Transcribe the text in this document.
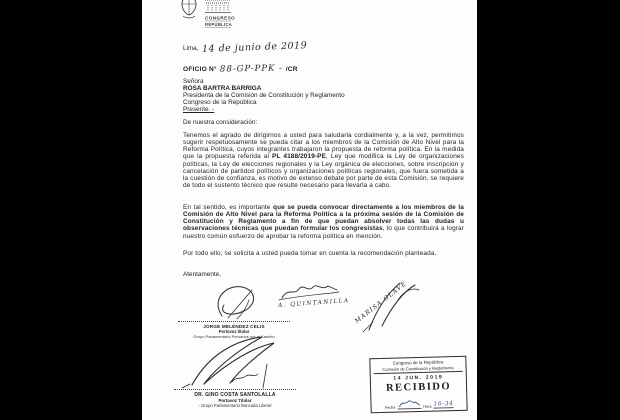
CONGRESO
REPÚBLICA
Lima, 14 de junio de 2019
OFICIO N° 88-GP-PPK - /CR
Señora
ROSA BARTRA BARRIGA
Presidenta de la Comisión de Constitución y Reglamento
Congreso de la República
Presente. -
De nuestra consideración:

Tenemos el agrado de dirigirnos a usted para saludarla cordialmente y, a la vez, permitimos sugerir respetuosamente se pueda citar a los miembros de la Comisión de Alto Nivel para la Reforma Política, cuyos integrantes trabajaron la propuesta de reforma política. En la medida que la propuesta referida al PL 4188/2019-PE, Ley que modifica la Ley de organizaciones políticas, la Ley de elecciones regionales y la Ley orgánica de elecciones, sobre inscripción y cancelación de partidos políticos y organizaciones políticas regionales, que fuera sometida a la cuestión de confianza, es motivo de extenso debate por parte de esta Comisión, se requiere de todo el sustento técnico que resulte necesario para llevarla a cabo.

En tal sentido, es importante que se pueda convocar directamente a los miembros de la Comisión de Alto Nivel para la Reforma Política a la próxima sesión de la Comisión de Constitución y Reglamento a fin de que puedan absolver todas las dudas u observaciones técnicas que puedan formular los congresistas, lo que contribuirá a lograr nuestro común esfuerzo de aprobar la reforma política en mención.

Por todo ello, se solicita a usted pueda tomar en cuenta la recomendación planteada.

Atentamente,
A. QUINTANILLA MARISA GLAVE
JORGE MELÉNDEZ CELIS
Portavoz titular
Grupo Parlamentario Peruanos por el Kambio
DR. GINO COSTA SANTOLALLA
Portavoz Titular
- Grupo Parlamentario Bancada Liberal
Congreso de la República
Comisión de Constitución y Reglamento
14 JUN. 2019
RECIBIDO
Fecha	Hora 16-34
